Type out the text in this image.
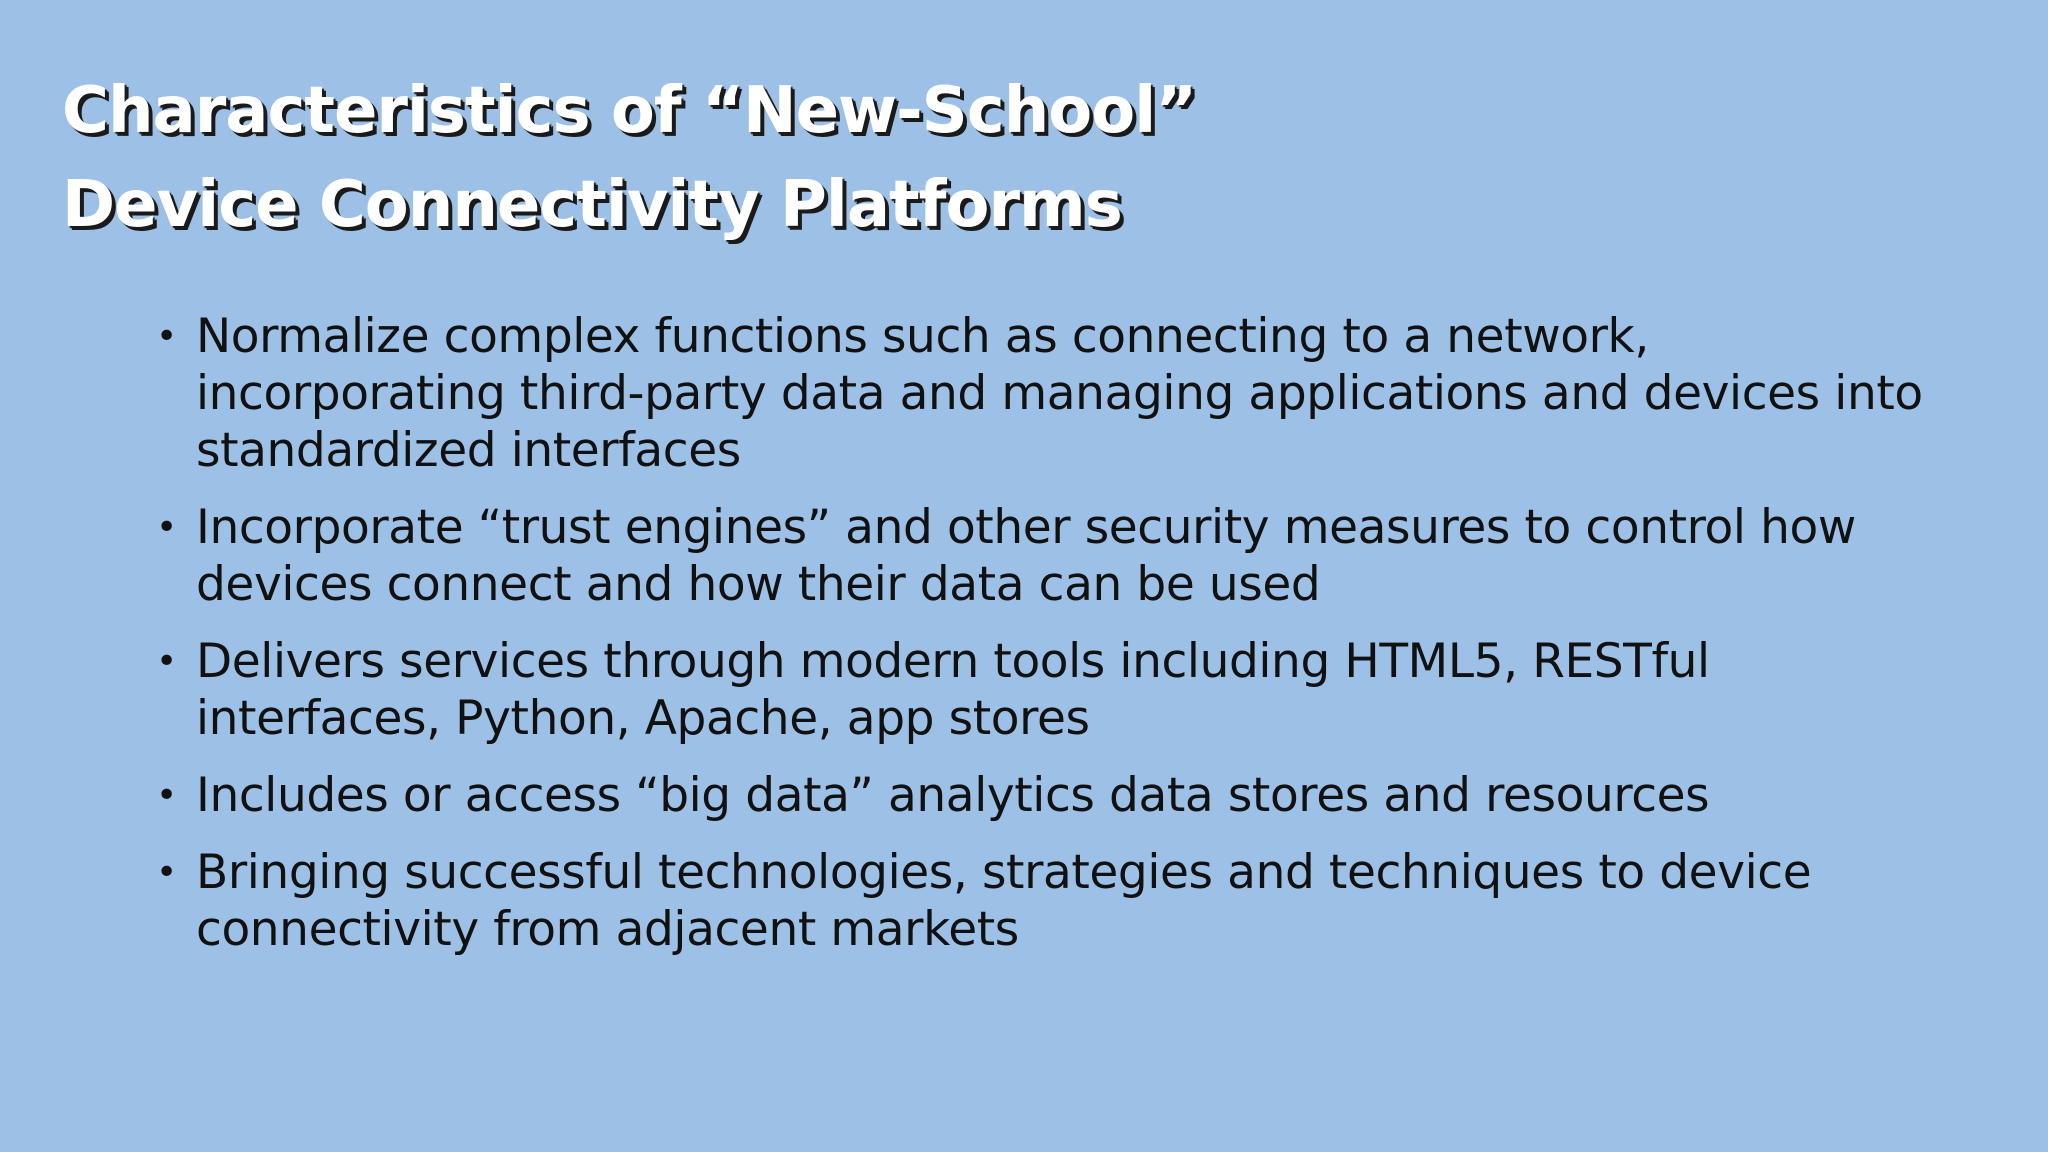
Characteristics of “New-School”
Device Connectivity Platforms
• Normalize complex functions such as connecting to a network, incorporating third-party data and managing applications and devices into standardized interfaces
• Incorporate “trust engines” and other security measures to control how devices connect and how their data can be used
• Delivers services through modern tools including HTML5, RESTful interfaces, Python, Apache, app stores
• Includes or access “big data” analytics data stores and resources
• Bringing successful technologies, strategies and techniques to device connectivity from adjacent markets
